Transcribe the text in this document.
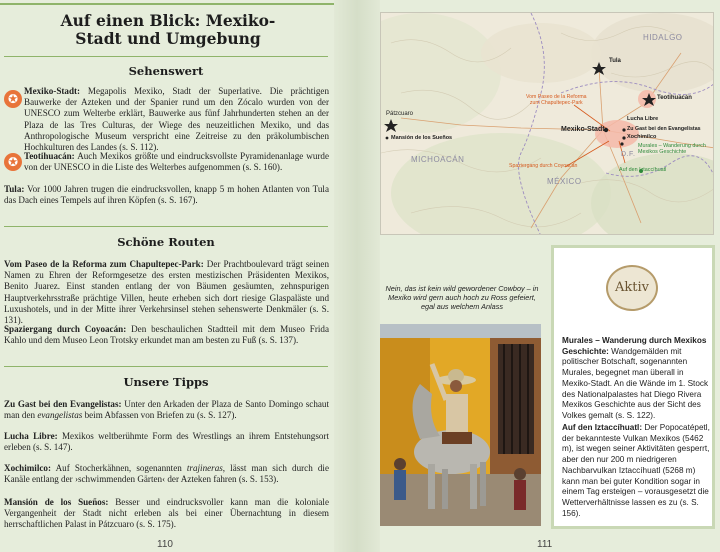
Auf einen Blick: Mexiko-
Stadt und Umgebung
Sehenswert
✪
Mexiko-Stadt: Megapolis Mexiko, Stadt der Superlative. Die prächtigen Bauwerke der Azteken und der Spanier rund um den Zócalo wurden von der UNESCO zum Welterbe erklärt, Bauwerke aus fünf Jahrhunderten stehen an der Plaza de las Tres Culturas, der Wiege des neuzeitlichen Mexiko, und das Anthropologische Museum verspricht eine Zeitreise zu den präkolumbischen Hochkulturen des Landes (s. S. 112).
✪ Teotihuacán: Auch Mexikos größte und eindrucksvollste Pyramidenanlage wurde von der UNESCO in die Liste des Welterbes aufgenommen (s. S. 160).
Tula: Vor 1000 Jahren trugen die eindrucksvollen, knapp 5 m hohen Atlanten von Tula das Dach eines Tempels auf ihren Köpfen (s. S. 167).
Schöne Routen
Vom Paseo de la Reforma zum Chapultepec-Park: Der Prachtboulevard trägt seinen Namen zu Ehren der Reformgesetze des ersten mestizischen Präsidenten Mexikos, Benito Juarez. Einst standen entlang der von Bäumen gesäumten, zehnspurigen Hauptverkehrsstraße prächtige Villen, heute erheben sich dort riesige Glaspaläste und Luxushotels, und in der Mitte ihrer Verkehrsinsel stehen sehenswerte Denkmäler (s. S. 131).
Spaziergang durch Coyoacán: Den beschaulichen Stadtteil mit dem Museo Frida Kahlo und dem Museo Leon Trotsky erkundet man am besten zu Fuß (s. S. 137).
Unsere Tipps
Zu Gast bei den Evangelistas: Unter den Arkaden der Plaza de Santo Domingo schaut man den evangelistas beim Abfassen von Briefen zu (s. S. 127).
Lucha Libre: Mexikos weltberühmte Form des Wrestlings an ihrem Entstehungsort erleben (s. S. 147).
Xochimilco: Auf Stocherkähnen, sogenannten trajineras, lässt man sich durch die Kanäle entlang der ›schwimmenden Gärten‹ der Azteken fahren (s. S. 153).
Mansión de los Sueños: Besser und eindrucksvoller kann man die koloniale Vergangenheit der Stadt nicht erleben als bei einer Übernachtung in diesem herrschaftlichen Palast in Pátzcuaro (s. S. 175).
110
HIDALGO
MICHOACÁN
MÉXICO
D.F.
Tula
Teotihuacán
Mexiko-Stadt
Pátzcuaro
Mansión de los Sueños
Lucha Libre
Zu Gast bei den Evangelistas
Xochimilco
Murales – Wanderung durch
Mexikos Geschichte
Auf den Iztaccíhuatl
Vom Paseo de la Reforma
zum Chapultepec-Park
Spaziergang durch Coyoacán
Nein, das ist kein wild gewordener Cowboy – in Mexiko wird gern auch hoch zu Ross gefeiert, egal aus welchem Anlass
Aktiv
Murales – Wanderung durch Mexikos Geschichte: Wandgemälden mit politischer Botschaft, sogenannten Murales, begegnet man überall in Mexiko-Stadt. An die Wände im 1. Stock des Nationalpalastes hat Diego Rivera Mexikos Geschichte aus der Sicht des Volkes gemalt (s. S. 122).
Auf den Iztaccíhuatl: Der Popocatépetl, der bekannteste Vulkan Mexikos (5462 m), ist wegen seiner Aktivitäten gesperrt, aber den nur 200 m niedrigeren Nachbarvulkan Iztaccíhuatl (5268 m) kann man bei guter Kondition sogar in einem Tag ersteigen – vorausgesetzt die Wetterverhältnisse lassen es zu (s. S. 156).
111
